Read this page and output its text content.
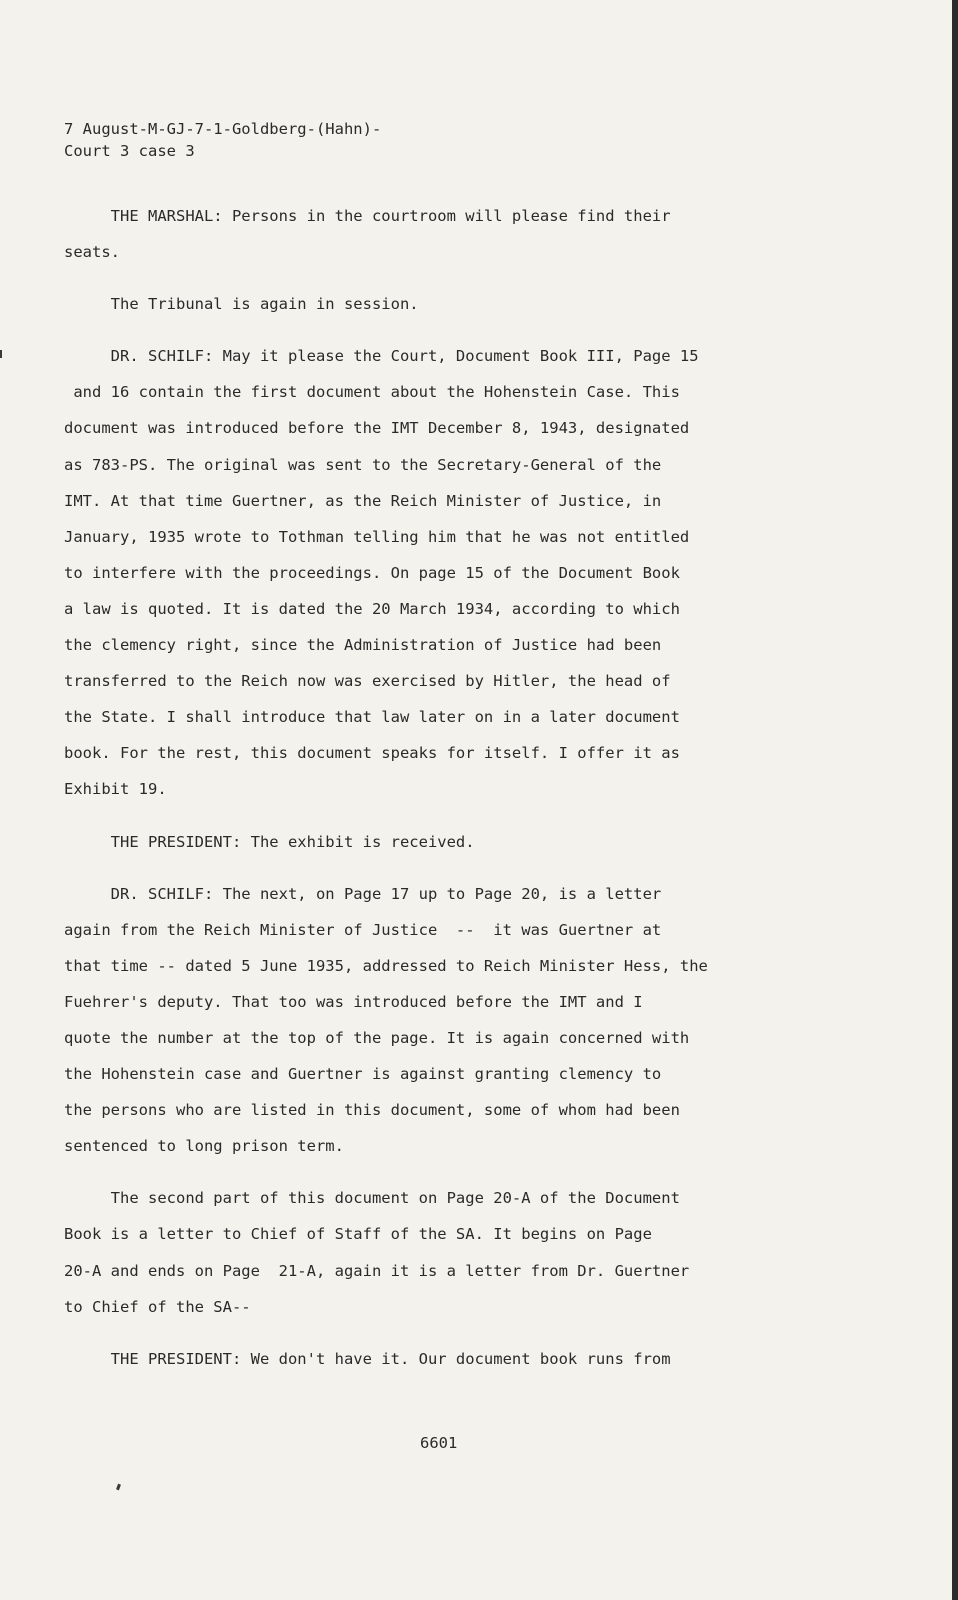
7 August-M-GJ-7-1-Goldberg-(Hahn)-
Court 3 case 3
THE MARSHAL: Persons in the courtroom will please find their
seats.
The Tribunal is again in session.
DR. SCHILF: May it please the Court, Document Book III, Page 15
and 16 contain the first document about the Hohenstein Case. This
document was introduced before the IMT December 8, 1943, designated
as 783-PS. The original was sent to the Secretary-General of the
IMT. At that time Guertner, as the Reich Minister of Justice, in
January, 1935 wrote to Tothman telling him that he was not entitled
to interfere with the proceedings. On page 15 of the Document Book
a law is quoted. It is dated the 20 March 1934, according to which
the clemency right, since the Administration of Justice had been
transferred to the Reich now was exercised by Hitler, the head of
the State. I shall introduce that law later on in a later document
book. For the rest, this document speaks for itself. I offer it as
Exhibit 19.
THE PRESIDENT: The exhibit is received.
DR. SCHILF: The next, on Page 17 up to Page 20, is a letter
again from the Reich Minister of Justice  --  it was Guertner at
that time -- dated 5 June 1935, addressed to Reich Minister Hess, the
Fuehrer's deputy. That too was introduced before the IMT and I
quote the number at the top of the page. It is again concerned with
the Hohenstein case and Guertner is against granting clemency to
the persons who are listed in this document, some of whom had been
sentenced to long prison term.
The second part of this document on Page 20-A of the Document
Book is a letter to Chief of Staff of the SA. It begins on Page
20-A and ends on Page  21-A, again it is a letter from Dr. Guertner
to Chief of the SA--
THE PRESIDENT: We don't have it. Our document book runs from
6601
